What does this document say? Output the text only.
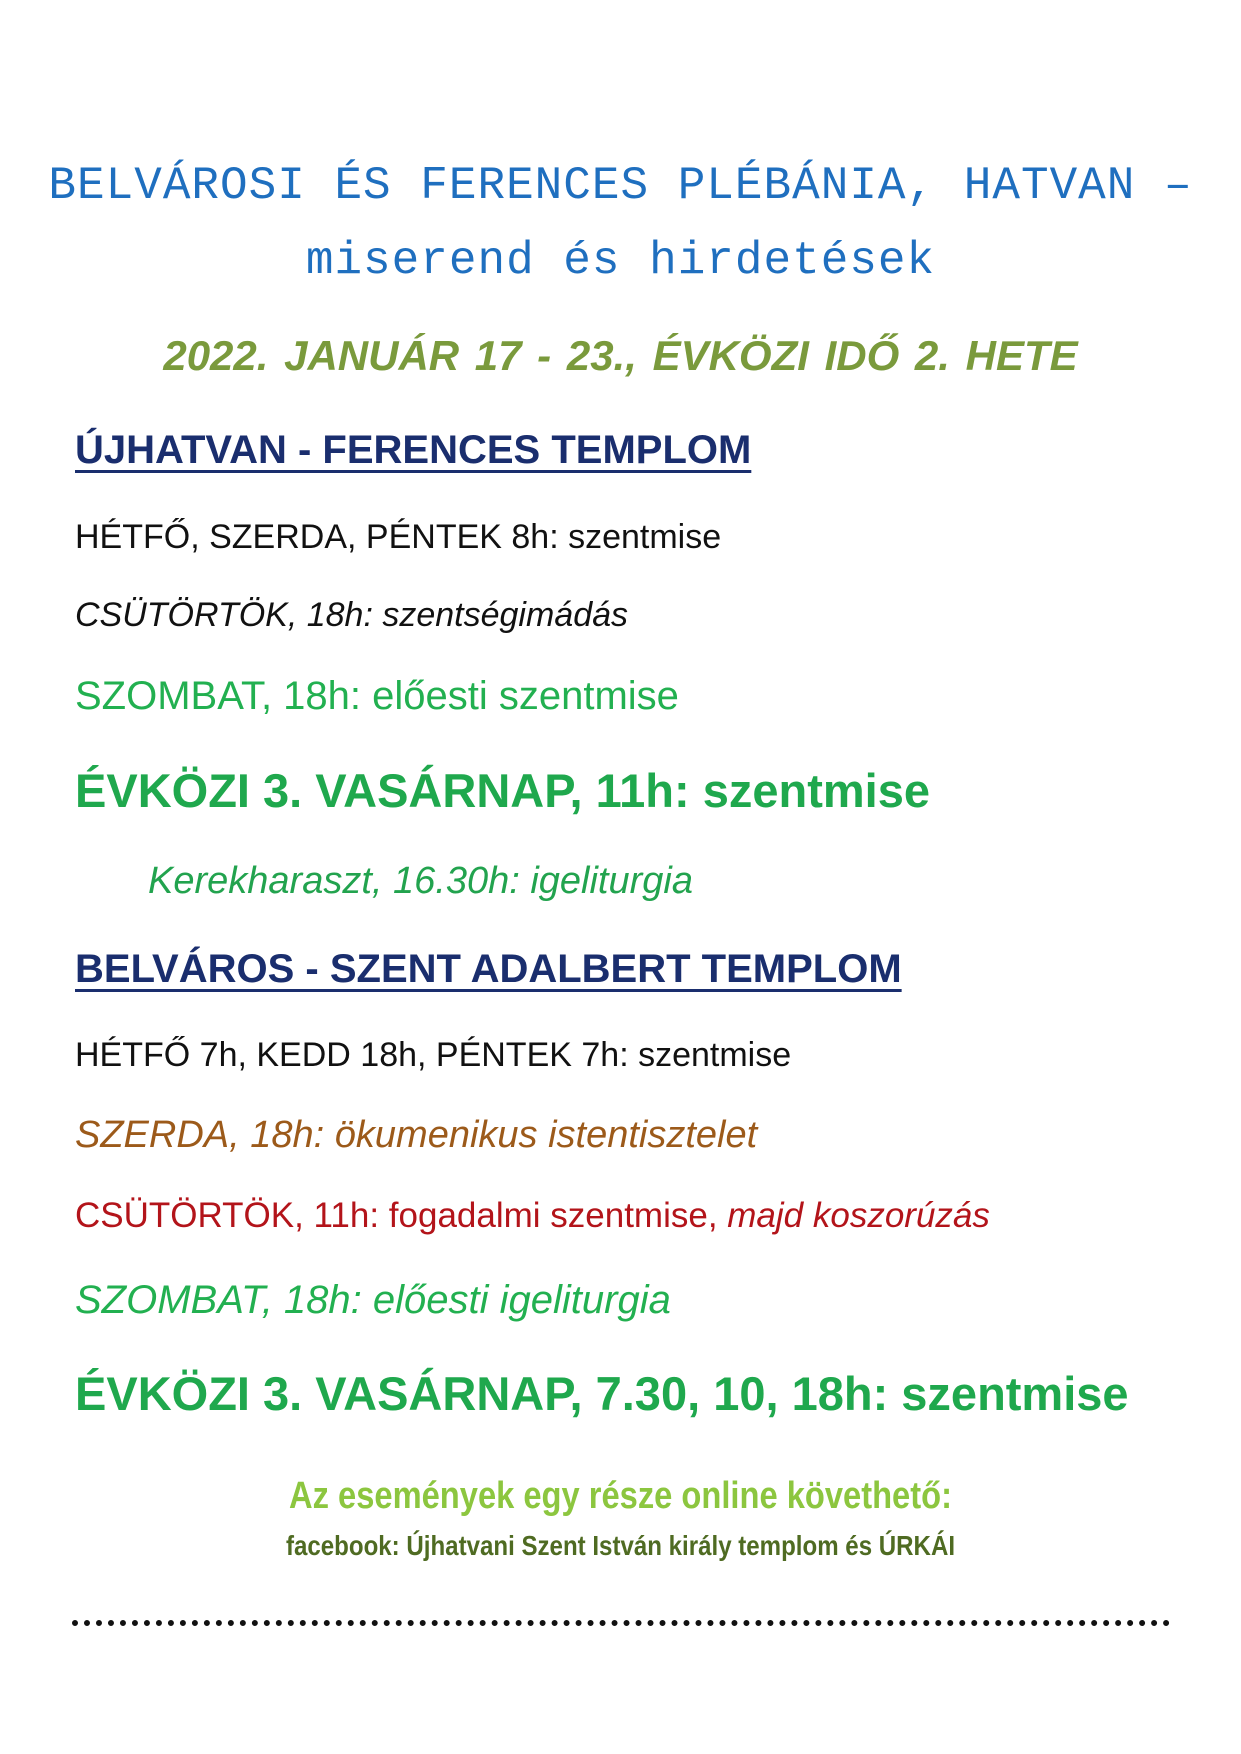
BELVÁROSI ÉS FERENCES PLÉBÁNIA, HATVAN –
miserend és hirdetések
2022. JANUÁR 17 - 23., ÉVKÖZI IDŐ 2. HETE
ÚJHATVAN - FERENCES TEMPLOM
HÉTFŐ, SZERDA, PÉNTEK 8h: szentmise
CSÜTÖRTÖK, 18h: szentségimádás
SZOMBAT, 18h: előesti szentmise
ÉVKÖZI 3. VASÁRNAP, 11h: szentmise
Kerekharaszt, 16.30h: igeliturgia
BELVÁROS - SZENT ADALBERT TEMPLOM
HÉTFŐ 7h, KEDD 18h, PÉNTEK 7h: szentmise
SZERDA, 18h: ökumenikus istentisztelet
CSÜTÖRTÖK, 11h: fogadalmi szentmise, majd koszorúzás
SZOMBAT, 18h: előesti igeliturgia
ÉVKÖZI 3. VASÁRNAP, 7.30, 10, 18h: szentmise
Az események egy része online követhető:
facebook: Újhatvani Szent István király templom és ÚRKÁI
